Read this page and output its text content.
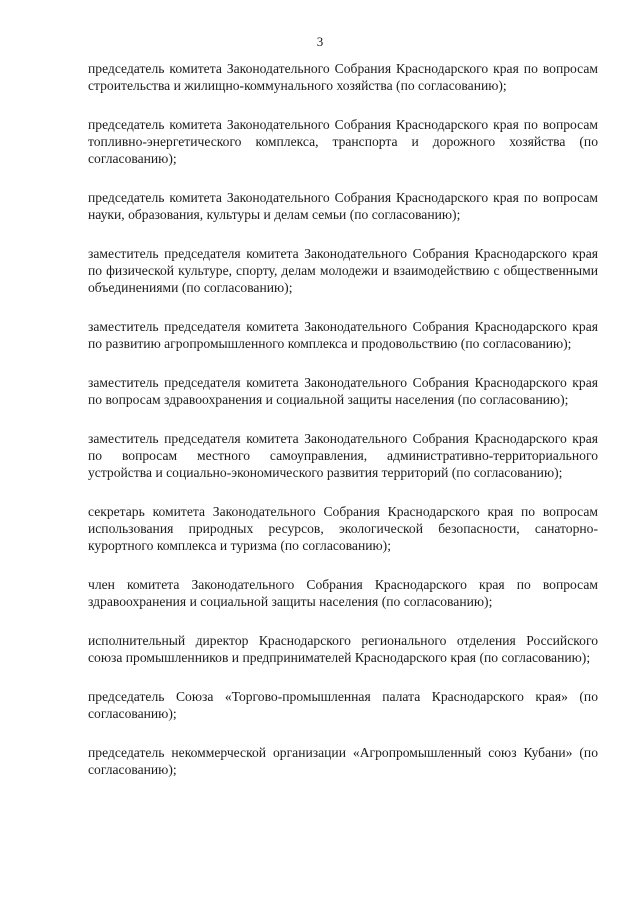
3

председатель комитета Законодательного Собрания Краснодарского края по вопросам строительства и жилищно-коммунального хозяйства (по согласованию);

председатель комитета Законодательного Собрания Краснодарского края по вопросам топливно-энергетического комплекса, транспорта и дорожного хозяйства (по согласованию);

председатель комитета Законодательного Собрания Краснодарского края по вопросам науки, образования, культуры и делам семьи (по согласованию);

заместитель председателя комитета Законодательного Собрания Краснодарского края по физической культуре, спорту, делам молодежи и взаимодействию с общественными объединениями (по согласованию);

заместитель председателя комитета Законодательного Собрания Краснодарского края по развитию агропромышленного комплекса и продовольствию (по согласованию);

заместитель председателя комитета Законодательного Собрания Краснодарского края по вопросам здравоохранения и социальной защиты населения (по согласованию);

заместитель председателя комитета Законодательного Собрания Краснодарского края по вопросам местного самоуправления, административно-территориального устройства и социально-экономического развития территорий (по согласованию);

секретарь комитета Законодательного Собрания Краснодарского края по вопросам использования природных ресурсов, экологической безопасности, санаторно-курортного комплекса и туризма (по согласованию);

член комитета Законодательного Собрания Краснодарского края по вопросам здравоохранения и социальной защиты населения (по согласованию);

исполнительный директор Краснодарского регионального отделения Российского союза промышленников и предпринимателей Краснодарского края (по согласованию);

председатель Союза «Торгово-промышленная палата Краснодарского края» (по согласованию);

председатель некоммерческой организации «Агропромышленный союз Кубани» (по согласованию);
